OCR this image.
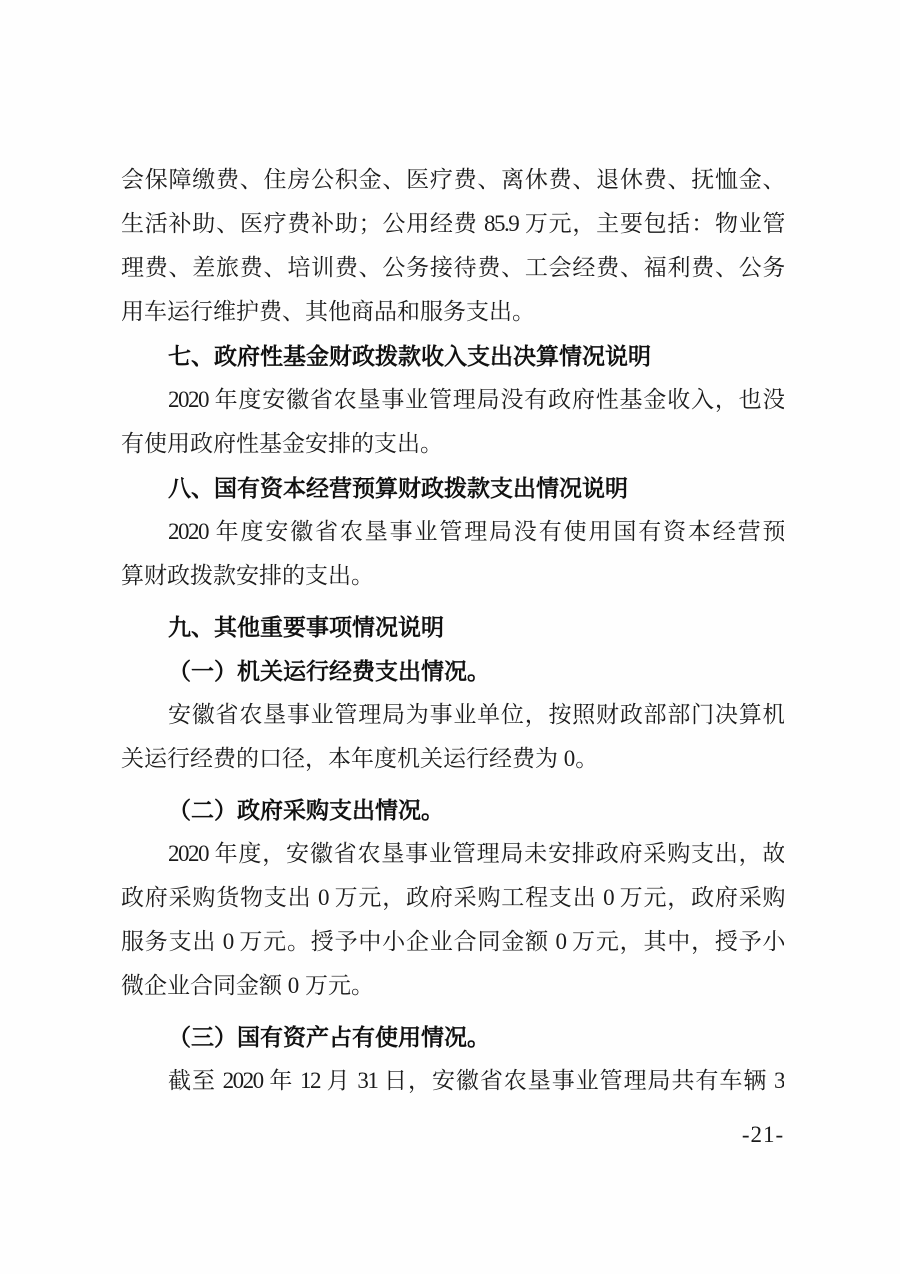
会保障缴费、住房公积金、医疗费、离休费、退休费、抚恤金、
生活补助、医疗费补助；公用经费 85.9 万元，主要包括：物业管
理费、差旅费、培训费、公务接待费、工会经费、福利费、公务
用车运行维护费、其他商品和服务支出。
七、政府性基金财政拨款收入支出决算情况说明
2020 年度安徽省农垦事业管理局没有政府性基金收入，也没
有使用政府性基金安排的支出。
八、国有资本经营预算财政拨款支出情况说明
2020 年度安徽省农垦事业管理局没有使用国有资本经营预
算财政拨款安排的支出。
九、其他重要事项情况说明
（一）机关运行经费支出情况。
安徽省农垦事业管理局为事业单位，按照财政部部门决算机
关运行经费的口径，本年度机关运行经费为 0。
（二）政府采购支出情况。
2020 年度，安徽省农垦事业管理局未安排政府采购支出，故
政府采购货物支出 0 万元，政府采购工程支出 0 万元，政府采购
服务支出 0 万元。授予中小企业合同金额 0 万元，其中，授予小
微企业合同金额 0 万元。
（三）国有资产占有使用情况。
截至 2020 年 12 月 31 日，安徽省农垦事业管理局共有车辆 3
-21-
